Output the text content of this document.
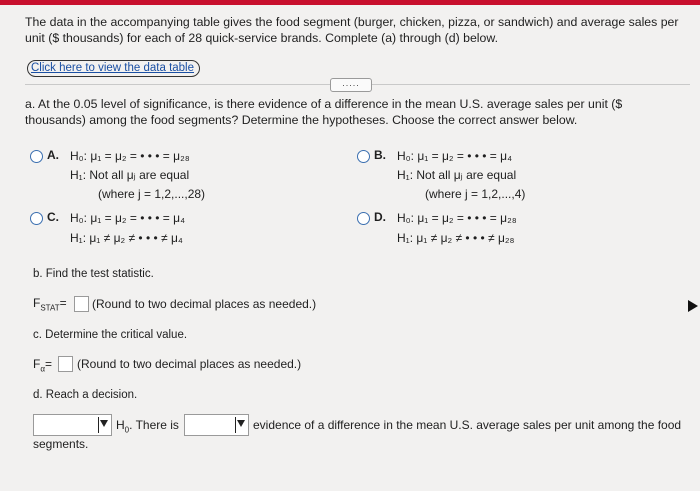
The data in the accompanying table gives the food segment (burger, chicken, pizza, or sandwich) and average sales per unit ($ thousands) for each of 28 quick-service brands. Complete (a) through (d) below.
Click here to view the data table
.....
a. At the 0.05 level of significance, is there evidence of a difference in the mean U.S. average sales per unit ($ thousands) among the food segments? Determine the hypotheses. Choose the correct answer below.
A. H₀: μ₁ = μ₂ = • • • = μ₂₈
H₁: Not all μⱼ are equal
(where j = 1,2,...,28)
B. H₀: μ₁ = μ₂ = • • • = μ₄
H₁: Not all μⱼ are equal
(where j = 1,2,...,4)
C. H₀: μ₁ = μ₂ = • • • = μ₄
H₁: μ₁ ≠ μ₂ ≠ • • • ≠ μ₄
D. H₀: μ₁ = μ₂ = • • • = μ₂₈
H₁: μ₁ ≠ μ₂ ≠ • • • ≠ μ₂₈
b. Find the test statistic.
$F_{STAT}=$ (Round to two decimal places as needed.)
c. Determine the critical value.
$F_\alpha=$ (Round to two decimal places as needed.)
d. Reach a decision.
$H_0$. There is	evidence of a difference in the mean U.S. average sales per unit among the food
segments.
